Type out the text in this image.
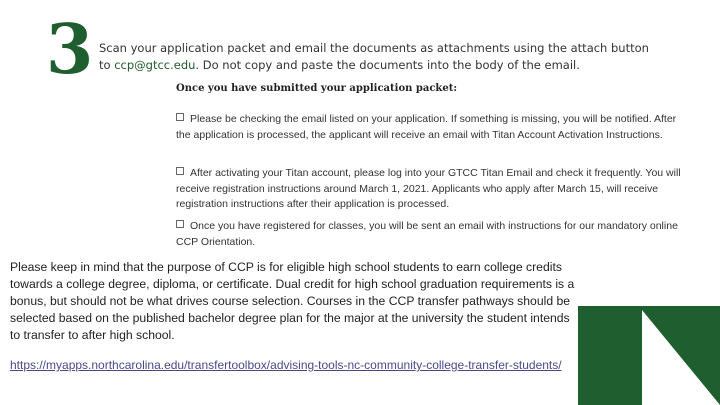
3 Scan your application packet and email the documents as attachments using the attach button to ccp@gtcc.edu. Do not copy and paste the documents into the body of the email.
Once you have submitted your application packet:
Please be checking the email listed on your application. If something is missing, you will be notified. After the application is processed, the applicant will receive an email with Titan Account Activation Instructions.
After activating your Titan account, please log into your GTCC Titan Email and check it frequently. You will receive registration instructions around March 1, 2021. Applicants who apply after March 15, will receive registration instructions after their application is processed.
Once you have registered for classes, you will be sent an email with instructions for our mandatory online CCP Orientation.
Please keep in mind that the purpose of CCP is for eligible high school students to earn college credits towards a college degree, diploma, or certificate. Dual credit for high school graduation requirements is a bonus, but should not be what drives course selection. Courses in the CCP transfer pathways should be selected based on the published bachelor degree plan for the major at the university the student intends to transfer to after high school.
https://myapps.northcarolina.edu/transfertoolbox/advising-tools-nc-community-college-transfer-students/
